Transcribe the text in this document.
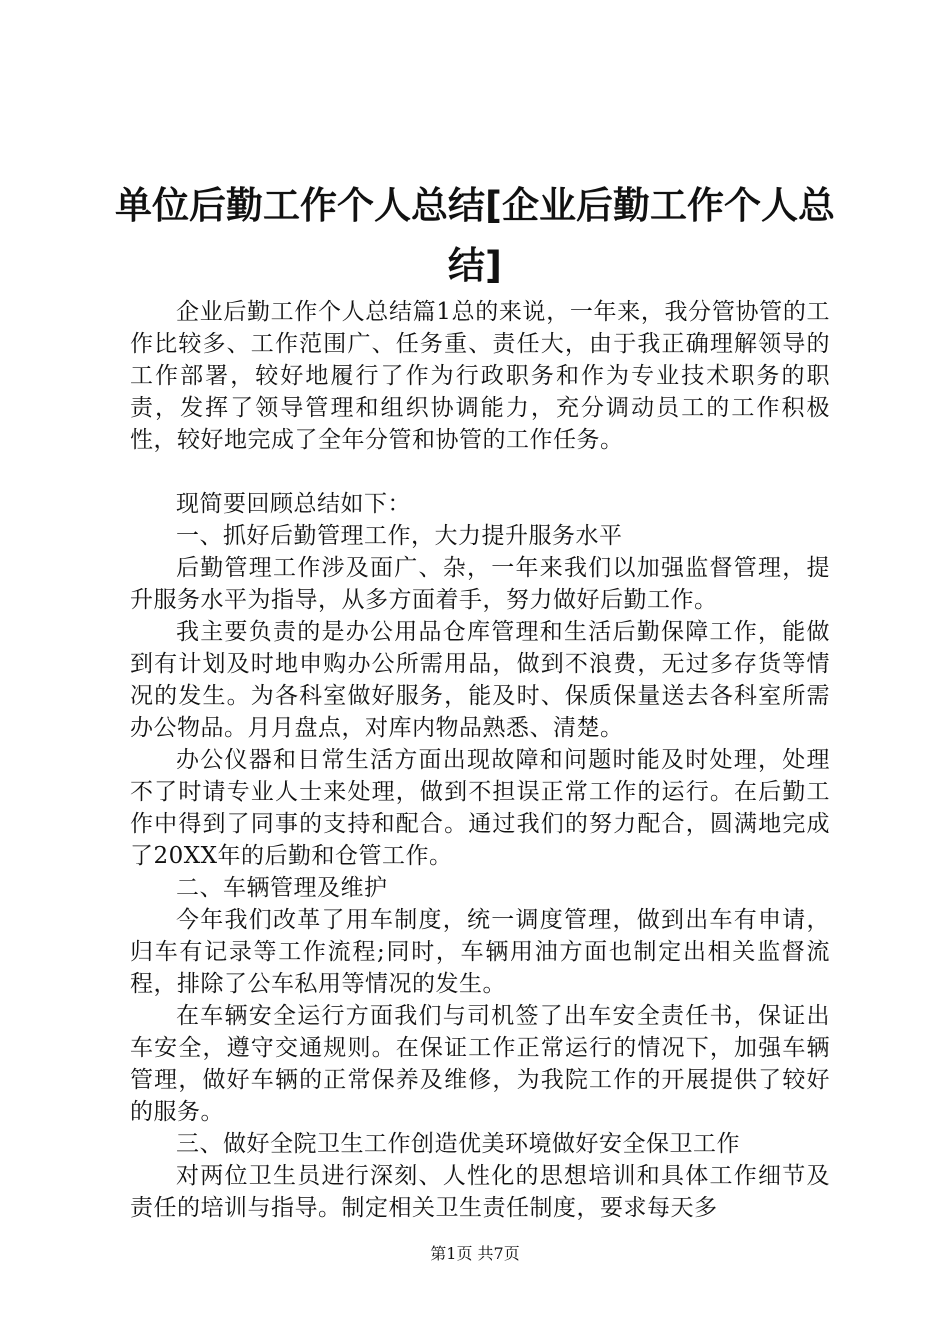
单位后勤工作个人总结[企业后勤工作个人总结]

企业后勤工作个人总结篇1总的来说，一年来，我分管协管的工作比较多、工作范围广、任务重、责任大，由于我正确理解领导的工作部署，较好地履行了作为行政职务和作为专业技术职务的职责，发挥了领导管理和组织协调能力，充分调动员工的工作积极性，较好地完成了全年分管和协管的工作任务。

现简要回顾总结如下：

一、抓好后勤管理工作，大力提升服务水平

后勤管理工作涉及面广、杂，一年来我们以加强监督管理，提升服务水平为指导，从多方面着手，努力做好后勤工作。

我主要负责的是办公用品仓库管理和生活后勤保障工作，能做到有计划及时地申购办公所需用品，做到不浪费，无过多存货等情况的发生。为各科室做好服务，能及时、保质保量送去各科室所需办公物品。月月盘点，对库内物品熟悉、清楚。

办公仪器和日常生活方面出现故障和问题时能及时处理，处理不了时请专业人士来处理，做到不担误正常工作的运行。在后勤工作中得到了同事的支持和配合。通过我们的努力配合，圆满地完成了20XX年的后勤和仓管工作。

二、车辆管理及维护

今年我们改革了用车制度，统一调度管理，做到出车有申请，归车有记录等工作流程;同时，车辆用油方面也制定出相关监督流程，排除了公车私用等情况的发生。

在车辆安全运行方面我们与司机签了出车安全责任书，保证出车安全，遵守交通规则。在保证工作正常运行的情况下，加强车辆管理，做好车辆的正常保养及维修，为我院工作的开展提供了较好的服务。

三、做好全院卫生工作创造优美环境做好安全保卫工作

对两位卫生员进行深刻、人性化的思想培训和具体工作细节及责任的培训与指导。制定相关卫生责任制度，要求每天多

第1页 共7页
